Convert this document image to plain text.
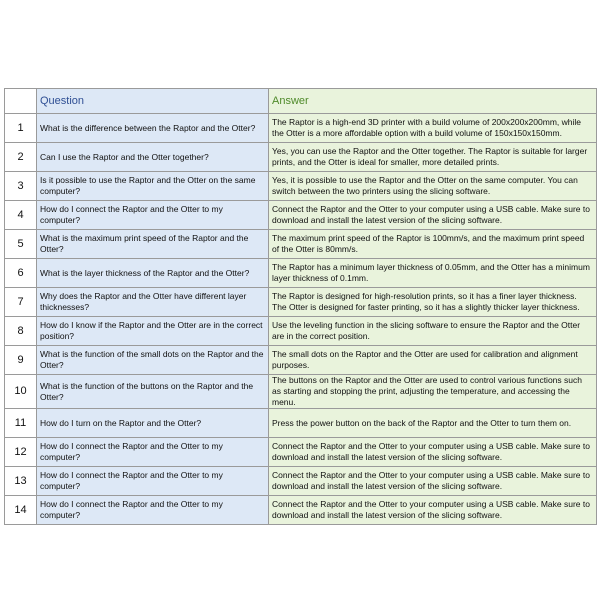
	Question	Answer
1	What is the difference between the Raptor and the Otter?	The Raptor is a high-end 3D printer with a build volume of 200x200x200mm, while the Otter is a more affordable option with a build volume of 150x150x150mm.
2	Can I use the Raptor and the Otter together?	Yes, you can use the Raptor and the Otter together. The Raptor is suitable for larger prints, and the Otter is ideal for smaller, more detailed prints.
3	Is it possible to use the Raptor and the Otter on the same computer?	Yes, it is possible to use the Raptor and the Otter on the same computer. You can switch between the two printers using the slicing software.
4	How do I connect the Raptor and the Otter to my computer?	Connect the Raptor and the Otter to your computer using a USB cable. Make sure to download and install the latest version of the slicing software.
5	What is the maximum print speed of the Raptor and the Otter?	The maximum print speed of the Raptor is 100mm/s, and the maximum print speed of the Otter is 80mm/s.
6	What is the layer thickness of the Raptor and the Otter?	The Raptor has a minimum layer thickness of 0.05mm, and the Otter has a minimum layer thickness of 0.1mm.
7	Why does the Raptor and the Otter have different layer thicknesses?	The Raptor is designed for high-resolution prints, so it has a finer layer thickness. The Otter is designed for faster printing, so it has a slightly thicker layer thickness.
8	How do I know if the Raptor and the Otter are in the correct position?	Use the leveling function in the slicing software to ensure the Raptor and the Otter are in the correct position.
9	What is the function of the small dots on the Raptor and the Otter?	The small dots on the Raptor and the Otter are used for calibration and alignment purposes.
10	What is the function of the buttons on the Raptor and the Otter?	The buttons on the Raptor and the Otter are used to control various functions such as starting and stopping the print, adjusting the temperature, and accessing the menu.
11	How do I turn on the Raptor and the Otter?	Press the power button on the back of the Raptor and the Otter to turn them on.
12	How do I connect the Raptor and the Otter to my computer?	Connect the Raptor and the Otter to your computer using a USB cable. Make sure to download and install the latest version of the slicing software.
13	How do I connect the Raptor and the Otter to my computer?	Connect the Raptor and the Otter to your computer using a USB cable. Make sure to download and install the latest version of the slicing software.
14	How do I connect the Raptor and the Otter to my computer?	Connect the Raptor and the Otter to your computer using a USB cable. Make sure to download and install the latest version of the slicing software.
